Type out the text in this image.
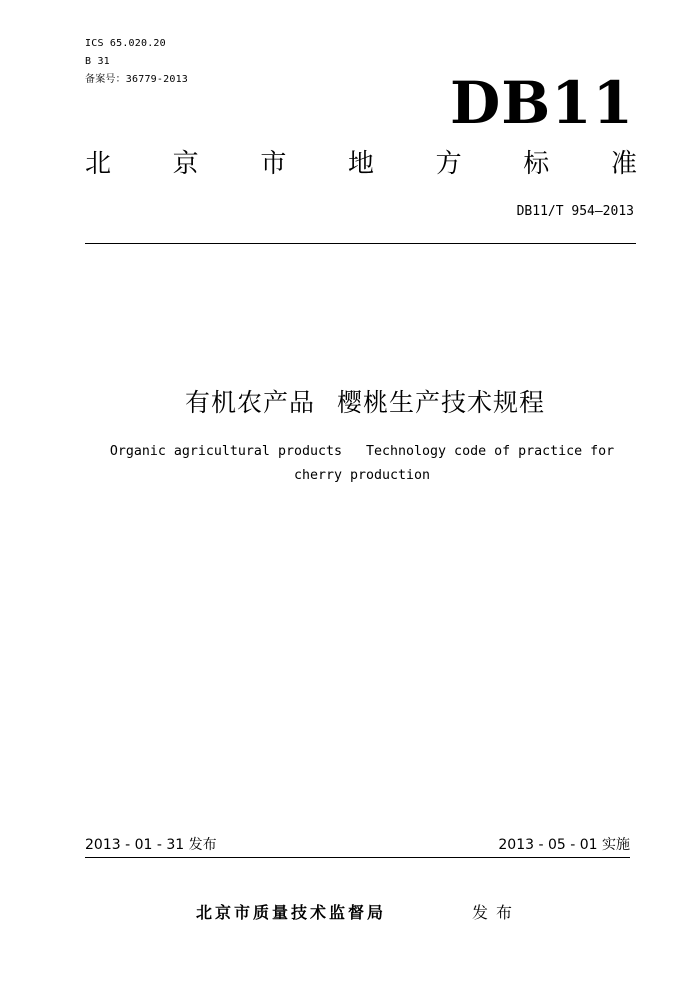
ICS 65.020.20
B 31
备案号：36779-2013	DB11
北 京 市 地 方 标 准
DB11/T 954—2013
有机农产品 樱桃生产技术规程
Organic agricultural products   Technology code of practice for
cherry production
2013 - 01 - 31 发布	2013 - 05 - 01 实施
北京市质量技术监督局	发布
